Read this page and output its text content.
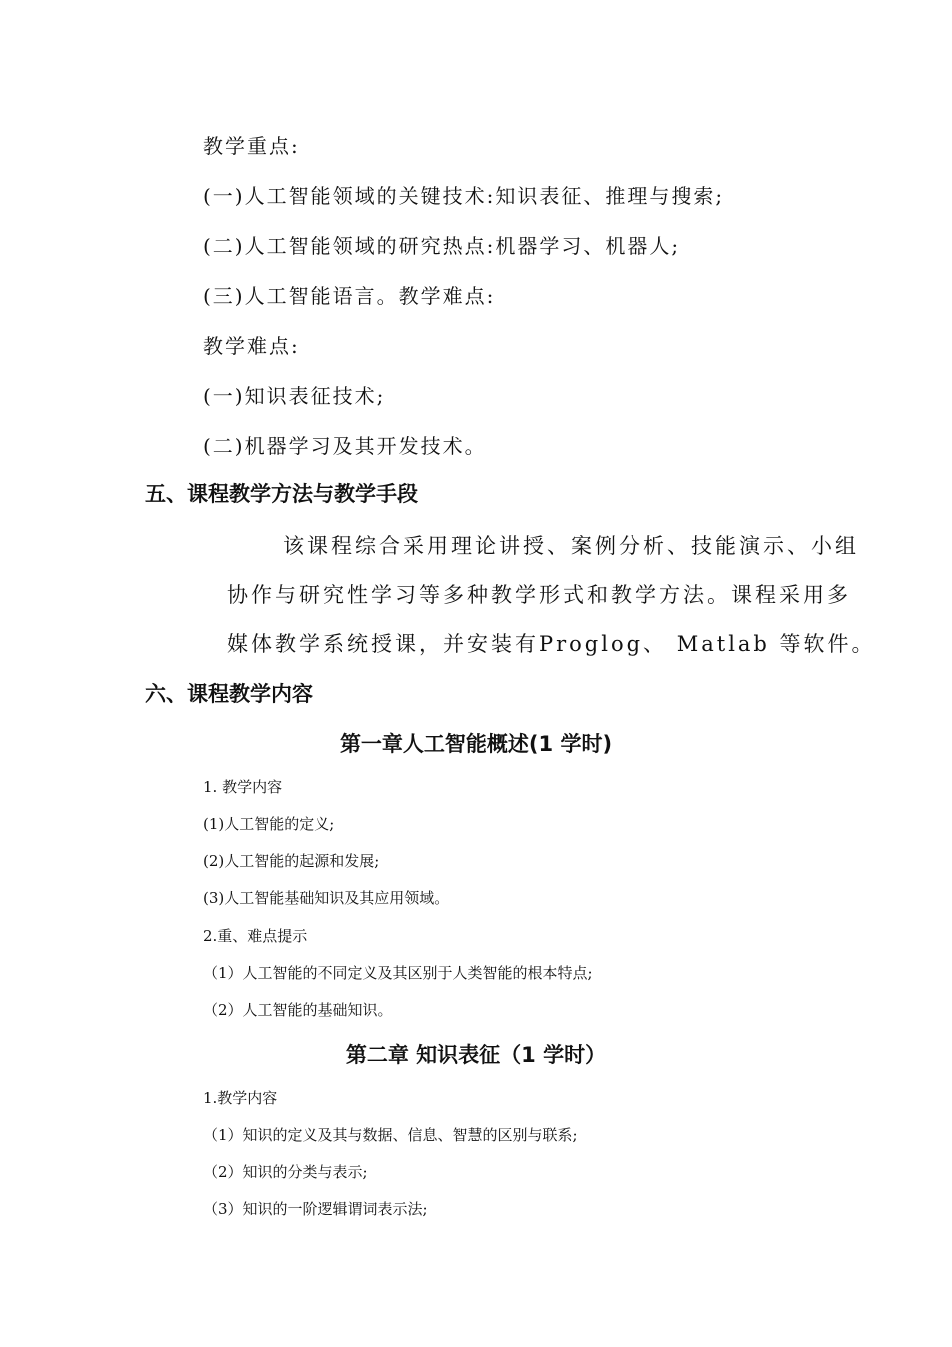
教学重点:
(一)人工智能领域的关键技术:知识表征、推理与搜索;
(二)人工智能领域的研究热点:机器学习、机器人;
(三)人工智能语言。教学难点:
教学难点:
(一)知识表征技术;
(二)机器学习及其开发技术。
五、课程教学方法与教学手段
该课程综合采用理论讲授、案例分析、技能演示、小组
协作与研究性学习等多种教学形式和教学方法。课程采用多
媒体教学系统授课，并安装有Proglog、 Matlab 等软件。
六、课程教学内容
第一章人工智能概述(1 学时)
1. 教学内容
(1)人工智能的定义;
(2)人工智能的起源和发展;
(3)人工智能基础知识及其应用领域。
2.重、难点提示
（1）人工智能的不同定义及其区别于人类智能的根本特点;
（2）人工智能的基础知识。
第二章 知识表征（1 学时）
1.教学内容
（1）知识的定义及其与数据、信息、智慧的区别与联系;
（2）知识的分类与表示;
（3）知识的一阶逻辑谓词表示法;
